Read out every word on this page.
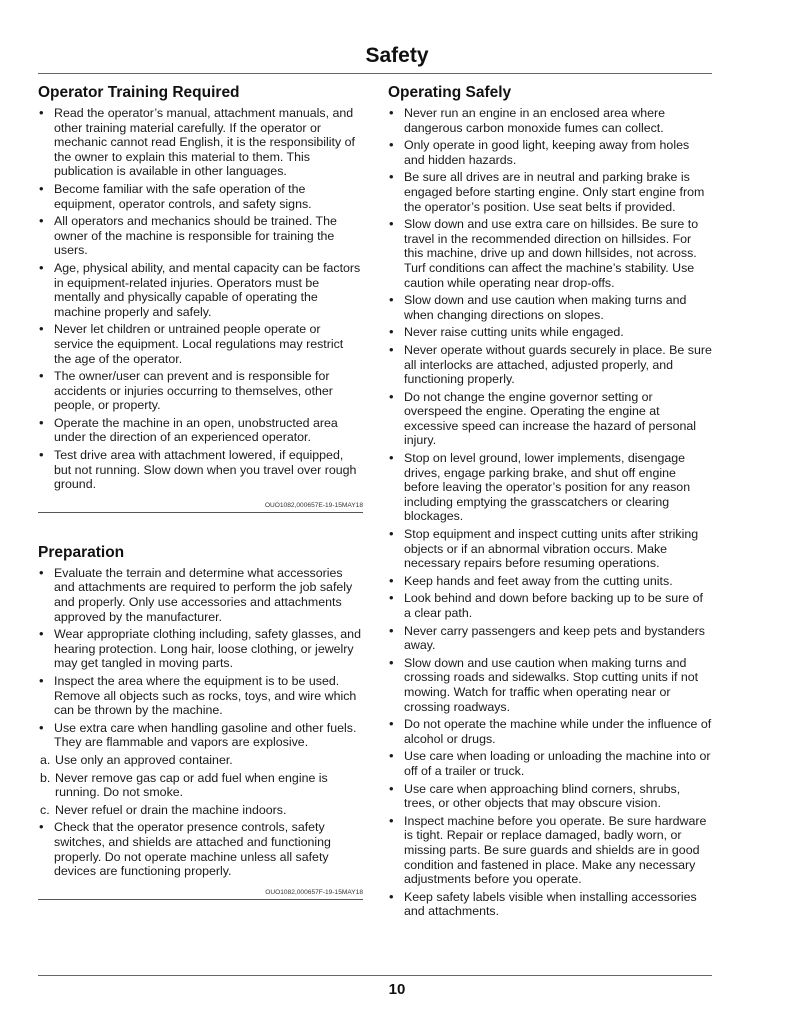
Safety
Operator Training Required
• Read the operator’s manual, attachment manuals, and other training material carefully. If the operator or mechanic cannot read English, it is the responsibility of the owner to explain this material to them. This publication is available in other languages.
• Become familiar with the safe operation of the equipment, operator controls, and safety signs.
• All operators and mechanics should be trained. The owner of the machine is responsible for training the users.
• Age, physical ability, and mental capacity can be factors in equipment-related injuries. Operators must be mentally and physically capable of operating the machine properly and safely.
• Never let children or untrained people operate or service the equipment. Local regulations may restrict the age of the operator.
• The owner/user can prevent and is responsible for accidents or injuries occurring to themselves, other people, or property.
• Operate the machine in an open, unobstructed area under the direction of an experienced operator.
• Test drive area with attachment lowered, if equipped, but not running. Slow down when you travel over rough ground.
OUO1082,000657E-19-15MAY18
Preparation
• Evaluate the terrain and determine what accessories and attachments are required to perform the job safely and properly. Only use accessories and attachments approved by the manufacturer.
• Wear appropriate clothing including, safety glasses, and hearing protection. Long hair, loose clothing, or jewelry may get tangled in moving parts.
• Inspect the area where the equipment is to be used. Remove all objects such as rocks, toys, and wire which can be thrown by the machine.
• Use extra care when handling gasoline and other fuels. They are flammable and vapors are explosive.
a. Use only an approved container.
b. Never remove gas cap or add fuel when engine is running. Do not smoke.
c. Never refuel or drain the machine indoors.
• Check that the operator presence controls, safety switches, and shields are attached and functioning properly. Do not operate machine unless all safety devices are functioning properly.
OUO1082,000657F-19-15MAY18
Operating Safely
• Never run an engine in an enclosed area where dangerous carbon monoxide fumes can collect.
• Only operate in good light, keeping away from holes and hidden hazards.
• Be sure all drives are in neutral and parking brake is engaged before starting engine. Only start engine from the operator’s position. Use seat belts if provided.
• Slow down and use extra care on hillsides. Be sure to travel in the recommended direction on hillsides. For this machine, drive up and down hillsides, not across. Turf conditions can affect the machine’s stability. Use caution while operating near drop-offs.
• Slow down and use caution when making turns and when changing directions on slopes.
• Never raise cutting units while engaged.
• Never operate without guards securely in place. Be sure all interlocks are attached, adjusted properly, and functioning properly.
• Do not change the engine governor setting or overspeed the engine. Operating the engine at excessive speed can increase the hazard of personal injury.
• Stop on level ground, lower implements, disengage drives, engage parking brake, and shut off engine before leaving the operator’s position for any reason including emptying the grasscatchers or clearing blockages.
• Stop equipment and inspect cutting units after striking objects or if an abnormal vibration occurs. Make necessary repairs before resuming operations.
• Keep hands and feet away from the cutting units.
• Look behind and down before backing up to be sure of a clear path.
• Never carry passengers and keep pets and bystanders away.
• Slow down and use caution when making turns and crossing roads and sidewalks. Stop cutting units if not mowing. Watch for traffic when operating near or crossing roadways.
• Do not operate the machine while under the influence of alcohol or drugs.
• Use care when loading or unloading the machine into or off of a trailer or truck.
• Use care when approaching blind corners, shrubs, trees, or other objects that may obscure vision.
• Inspect machine before you operate. Be sure hardware is tight. Repair or replace damaged, badly worn, or missing parts. Be sure guards and shields are in good condition and fastened in place. Make any necessary adjustments before you operate.
• Keep safety labels visible when installing accessories and attachments.
10
